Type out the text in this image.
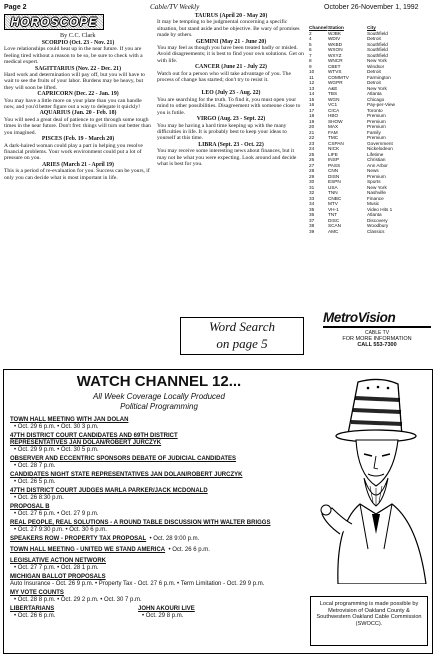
Page 2	Cable/TV Weekly	October 26-November 1, 1992
HOROSCOPE
By C.C. Clark

SCORPIO (Oct. 23 - Nov. 21)

Love relationships could heat up in the near future. If you are feeling tired without a reason to be so, be sure to check with a medical expert.

SAGITTARIUS (Nov. 22 - Dec. 21)

Hard work and determination will pay off, but you will have to wait to see the fruits of your labor. Burdens may be heavy, but they will soon be lifted.

CAPRICORN (Dec. 22 - Jan. 19)

You may have a little more on your plate than you can handle now, and you'd better figure out a way to delegate it quickly!

AQUARIUS (Jan. 20 - Feb. 18)

You will need a great deal of patience to get through some tough times in the near future. Don't fret: things will turn out better than you imagined.

PISCES (Feb. 19 - March 20)

A dark-haired woman could play a part in helping you resolve financial problems. Your work environment could put a lot of pressure on you.

ARIES (March 21 - April 19)

This is a period of re-evaluation for you. Success can be yours, if only you can decide what is most important in life.

TAURUS (April 20 - May 20)

It may be tempting to be judgmental concerning a specific situation, but stand aside and be objective. Be wary of promises made by others.

GEMINI (May 21 - June 20)

You may feel as though you have been treated badly or misled. Avoid disagreements; it is best to find your own solutions. Get on with life.

CANCER (June 21 - July 22)

Watch out for a person who will take advantage of you. The process of change has started; don't try to resist it.

LEO (July 23 - Aug. 22)

You are searching for the truth. To find it, you must open your mind to other possibilities. Disagreement with someone close to you is futile.

VIRGO (Aug. 23 - Sept. 22)

You may be having a hard time keeping up with the many difficulties in life. It is probably best to keep your ideas to yourself at this time.

LIBRA (Sept. 23 - Oct. 22)

You may receive some interesting news about finances, but it may not be what you were expecting. Look around and decide what is best for you.

Word Search
on page 5
Channel Station	City
2	WJBK	Southfield
4	WDIV	Detroit
5	WKBD	Southfield
6	WXON	Southfield
7	WXYZ	Southfield
8	WNCR	New York
9	CBET	Windsor
10	WTVS	Detroit
11	COMMTV	Farmington
12	WGPR	Detroit
13	A&E	New York
14	TBS	Atlanta
15	WGN	Chicago
16	VC1	Pay-per-View
17	CICA	Toronto
18	HBO	Premium
19	SHOW	Premium
20	MAX	Premium
21	FAM	Family
22	TMC	Premium
23	CSPAN	Government
24	NICK	Nickelodeon
25	LIFE	Lifetime
26	INSP	Christian
27	PASS	Ann Arbor
28	CNN	News
29	DISN	Premium
30	ESPN	Sports
31	USA	New York
32	TNN	Nashville
33	CNBC	Finance
34	MTV	Music
35	VH-1	Video Hits 1
36	TNT	Atlanta
37	DISC	Discovery
38	SCAN	Woodbury
39	AMC	Classics
MetroVision
CABLE TV
FOR MORE INFORMATION
CALL 553-7300
WATCH CHANNEL 12...
All Week Coverage Locally Produced
Political Programming
TOWN HALL MEETING WITH JAN DOLAN
• Oct. 29 6 p.m. • Oct. 30 3 p.m.
47TH DISTRICT COURT CANDIDATES AND 69TH DISTRICT
REPRESENTATIVES JAN DOLAN/ROBERT JURCZYK
• Oct. 29 9 p.m. • Oct. 30 5 p.m.
OBSERVER AND ECCENTRIC SPONSORS DEBATE OF JUDICIAL CANDIDATES
• Oct. 28 7 p.m.
CANDIDATES NIGHT STATE REPRESENTATIVES JAN DOLAN/ROBERT JURCZYK
• Oct. 26 5 p.m.
47TH DISTRICT COURT JUDGES MARLA PARKER/JACK MCDONALD
• Oct. 26 8:30 p.m.
PROPOSAL B
• Oct. 27 6 p.m. • Oct. 27 9 p.m.
REAL PEOPLE, REAL SOLUTIONS - A ROUND TABLE DISCUSSION WITH WALTER BRIGGS
• Oct. 27 9:30 p.m. • Oct. 30 6 p.m.
SPEAKERS ROW - PROPERTY TAX PROPOSAL • Oct. 28 9:00 p.m.
TOWN HALL MEETING - UNITED WE STAND AMERICA • Oct. 26 6 p.m.
LEGISLATIVE ACTION NETWORK
• Oct. 27 7 p.m. • Oct. 28 1 p.m.
MICHIGAN BALLOT PROPOSALS
Auto Insurance - Oct. 26 9 p.m. • Property Tax - Oct. 27 6 p.m. • Term Limitation - Oct. 29 9 p.m.
MY VOTE COUNTS
• Oct. 28 8 p.m. • Oct. 29 2 p.m. • Oct. 30 7 p.m.
LIBERTARIANS
• Oct. 26 6 p.m.
JOHN AKOURI LIVE
• Oct. 29 8 p.m.
Local programming is made possible by Metrovision of Oakland County & Southwestern Oakland Cable Commission (SWOCC).
